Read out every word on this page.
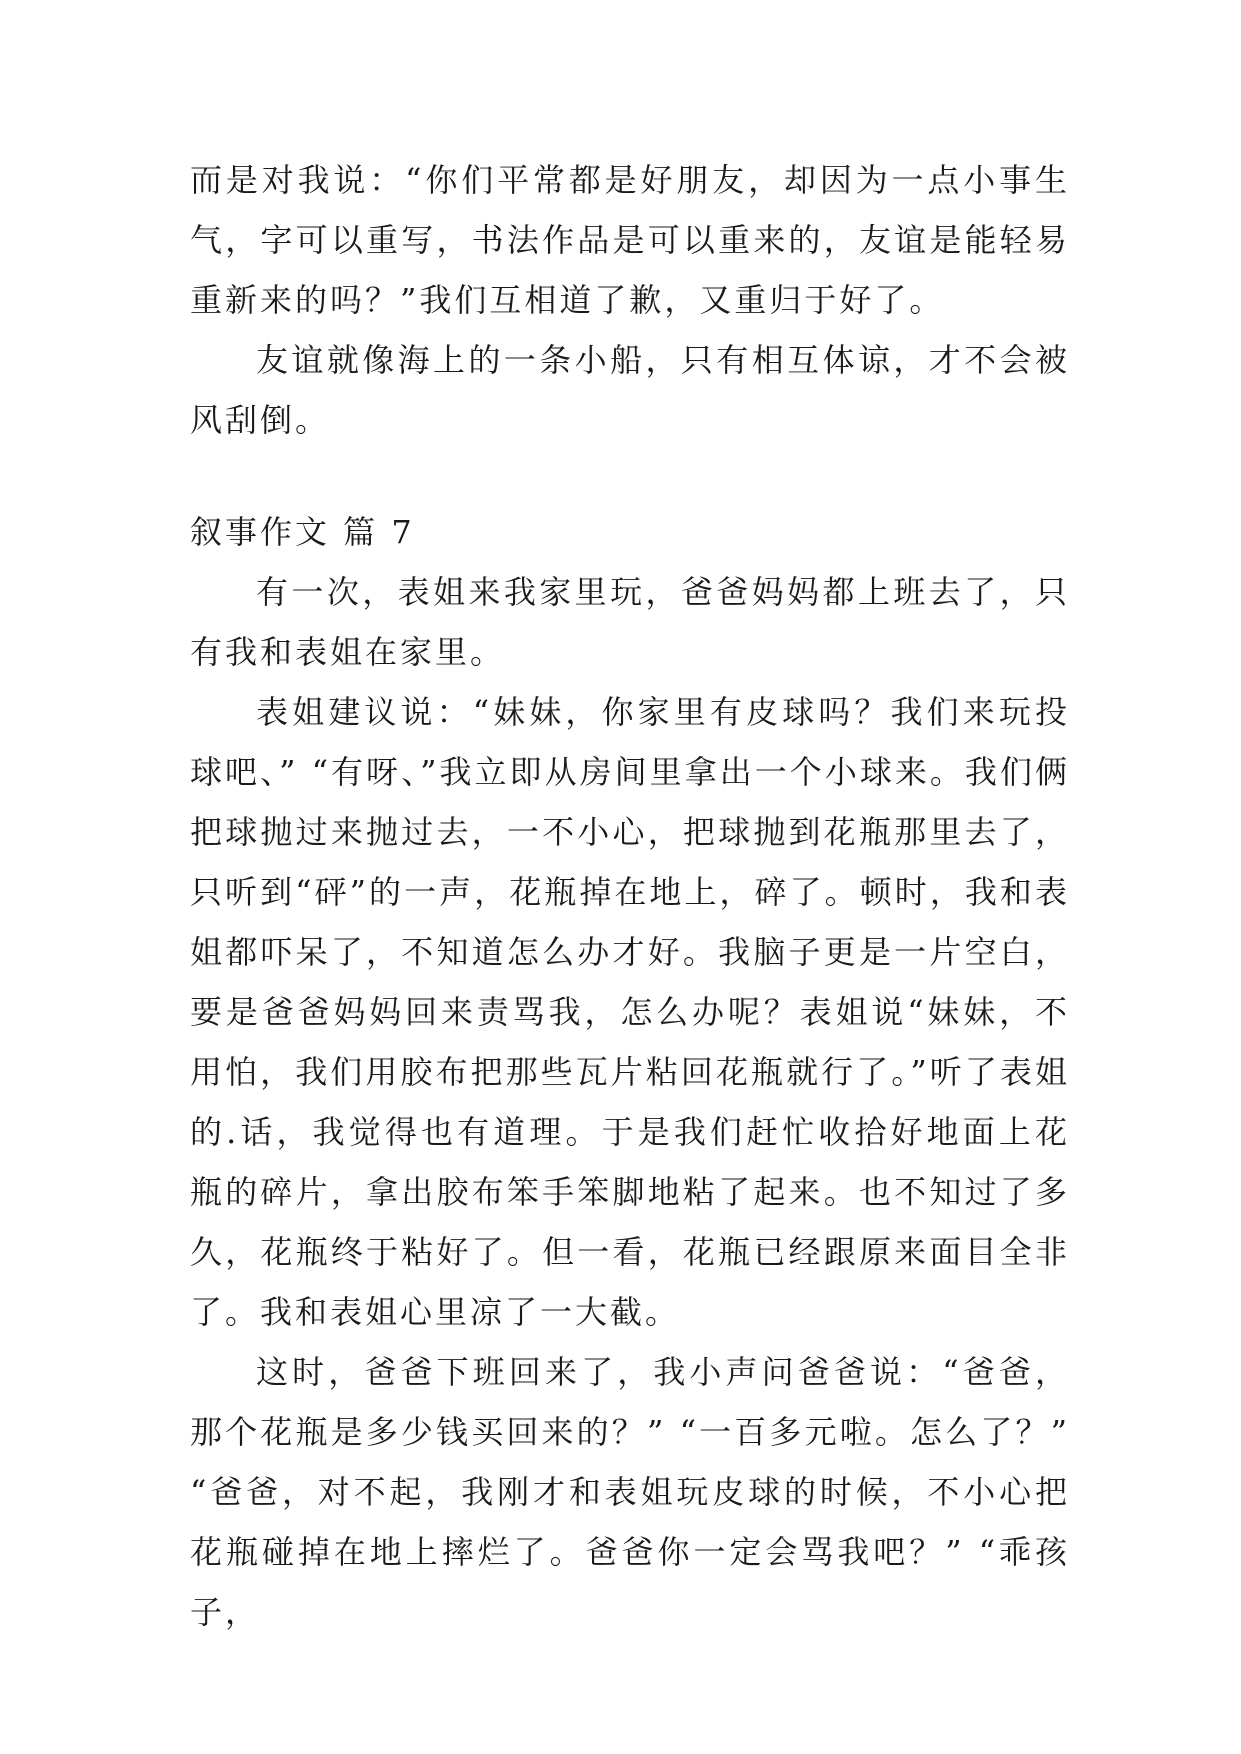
而是对我说：“你们平常都是好朋友，却因为一点小事生气，字可以重写，书法作品是可以重来的，友谊是能轻易重新来的吗？”我们互相道了歉，又重归于好了。

友谊就像海上的一条小船，只有相互体谅，才不会被风刮倒。

叙事作文 篇 7

有一次，表姐来我家里玩，爸爸妈妈都上班去了，只有我和表姐在家里。

表姐建议说：“妹妹，你家里有皮球吗？我们来玩投球吧、” “有呀、”我立即从房间里拿出一个小球来。我们俩把球抛过来抛过去，一不小心，把球抛到花瓶那里去了，只听到“砰”的一声，花瓶掉在地上，碎了。顿时，我和表姐都吓呆了，不知道怎么办才好。我脑子更是一片空白，要是爸爸妈妈回来责骂我，怎么办呢？表姐说“妹妹，不用怕，我们用胶布把那些瓦片粘回花瓶就行了。”听了表姐的.话，我觉得也有道理。于是我们赶忙收拾好地面上花瓶的碎片，拿出胶布笨手笨脚地粘了起来。也不知过了多久，花瓶终于粘好了。但一看，花瓶已经跟原来面目全非了。我和表姐心里凉了一大截。

这时，爸爸下班回来了，我小声问爸爸说：“爸爸，那个花瓶是多少钱买回来的？” “一百多元啦。怎么了？” “爸爸，对不起，我刚才和表姐玩皮球的时候，不小心把花瓶碰掉在地上摔烂了。爸爸你一定会骂我吧？” “乖孩子，
